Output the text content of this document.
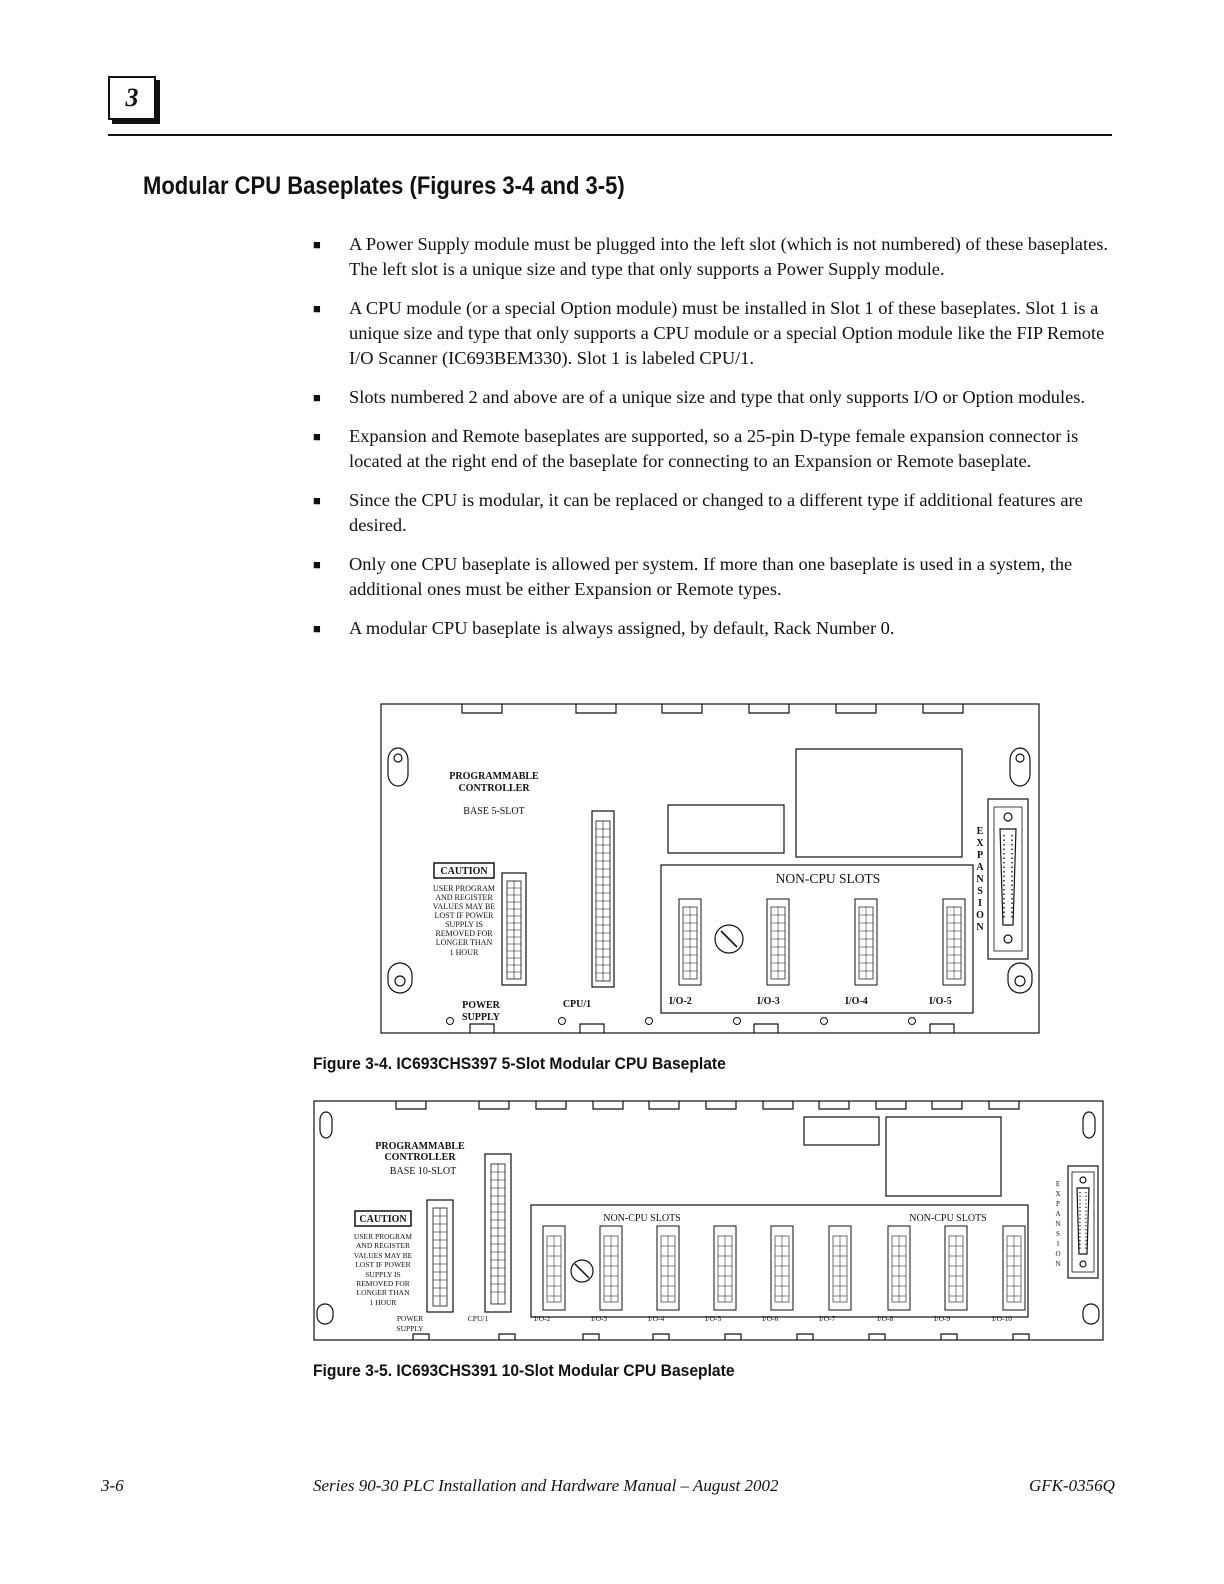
3
Modular CPU Baseplates (Figures 3-4 and 3-5)
■ A Power Supply module must be plugged into the left slot (which is not numbered) of these baseplates. The left slot is a unique size and type that only supports a Power Supply module.
■ A CPU module (or a special Option module) must be installed in Slot 1 of these baseplates. Slot 1 is a unique size and type that only supports a CPU module or a special Option module like the FIP Remote I/O Scanner (IC693BEM330). Slot 1 is labeled CPU/1.
■ Slots numbered 2 and above are of a unique size and type that only supports I/O or Option modules.
■ Expansion and Remote baseplates are supported, so a 25-pin D-type female expansion connector is located at the right end of the baseplate for connecting to an Expansion or Remote baseplate.
■ Since the CPU is modular, it can be replaced or changed to a different type if additional features are desired.
■ Only one CPU baseplate is allowed per system. If more than one baseplate is used in a system, the additional ones must be either Expansion or Remote types.
■ A modular CPU baseplate is always assigned, by default, Rack Number 0.
PROGRAMMABLE
CONTROLLER
BASE 5-SLOT
CAUTION
USER PROGRAM
AND REGISTER
VALUES MAY BE
LOST IF POWER
SUPPLY IS
REMOVED FOR
LONGER THAN
1 HOUR
NON-CPU SLOTS
E
X
P
A
N
S
I
O
N
POWER
SUPPLY
CPU/1	I/O-2	I/O-3	I/O-4	I/O-5
Figure 3-4. IC693CHS397 5-Slot Modular CPU Baseplate
PROGRAMMABLE
CONTROLLER
BASE 10-SLOT
CAUTION
USER PROGRAM
AND REGISTER
VALUES MAY BE
LOST IF POWER
SUPPLY IS
REMOVED FOR
LONGER THAN
1 HOUR
NON-CPU SLOTS	NON-CPU SLOTS
E
X
P
A
N
S
I
O
N
POWER
SUPPLY
CPU/1	I/O-2	I/O-3	I/O-4	I/O-5	I/O-6	I/O-7	I/O-8	I/O-9	I/O-10
Figure 3-5. IC693CHS391 10-Slot Modular CPU Baseplate
3-6	Series 90-30 PLC Installation and Hardware Manual – August 2002	GFK-0356Q
